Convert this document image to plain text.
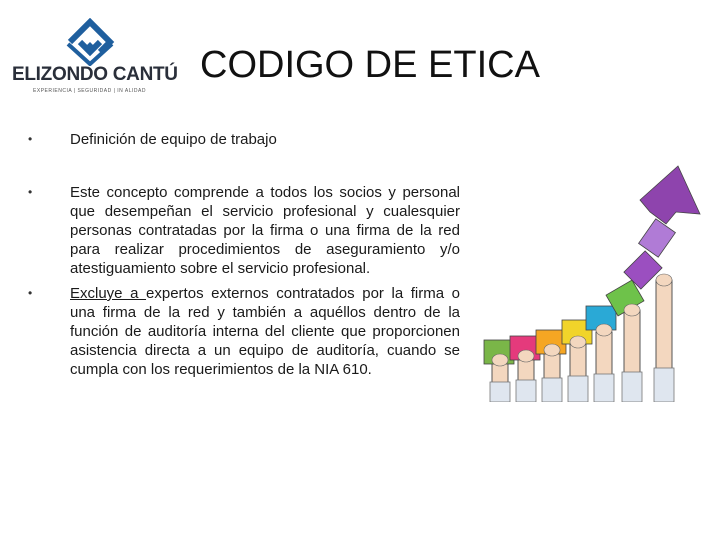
ELIZONDO CANTÚ
EXPERIENCIA | SEGURIDAD | IN ALIDAD
CODIGO DE ETICA
•	Definición de equipo de trabajo
•	Este concepto comprende a todos los socios y personal que desempeñan el servicio profesional y cualesquier personas contratadas por la firma o una firma de la red para realizar procedimientos de aseguramiento y/o atestiguamiento sobre el servicio profesional.
•	Excluye a expertos externos contratados por la firma o una firma de la red y también a aquéllos dentro de la función de auditoría interna del cliente que proporcionen asistencia directa a un equipo de auditoría, cuando se cumpla con los requerimientos de la NIA 610.
